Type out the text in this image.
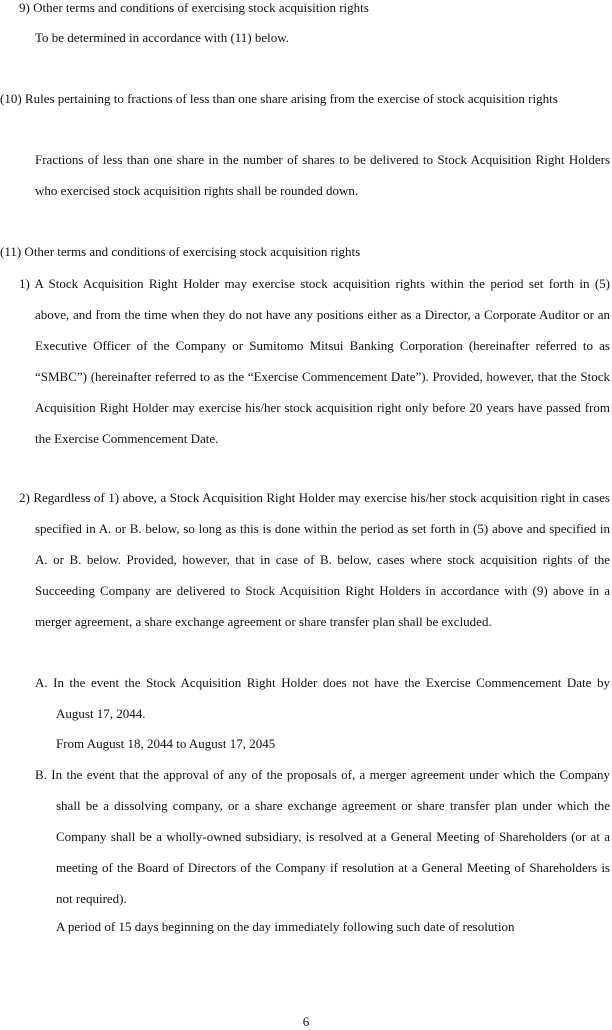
9) Other terms and conditions of exercising stock acquisition rights
To be determined in accordance with (11) below.

(10) Rules pertaining to fractions of less than one share arising from the exercise of stock acquisition rights

Fractions of less than one share in the number of shares to be delivered to Stock Acquisition Right Holders who exercised stock acquisition rights shall be rounded down.

(11) Other terms and conditions of exercising stock acquisition rights

1) A Stock Acquisition Right Holder may exercise stock acquisition rights within the period set forth in (5) above, and from the time when they do not have any positions either as a Director, a Corporate Auditor or an Executive Officer of the Company or Sumitomo Mitsui Banking Corporation (hereinafter referred to as “SMBC”) (hereinafter referred to as the “Exercise Commencement Date”). Provided, however, that the Stock Acquisition Right Holder may exercise his/her stock acquisition right only before 20 years have passed from the Exercise Commencement Date.

2) Regardless of 1) above, a Stock Acquisition Right Holder may exercise his/her stock acquisition right in cases specified in A. or B. below, so long as this is done within the period as set forth in (5) above and specified in A. or B. below. Provided, however, that in case of B. below, cases where stock acquisition rights of the Succeeding Company are delivered to Stock Acquisition Right Holders in accordance with (9) above in a merger agreement, a share exchange agreement or share transfer plan shall be excluded.

A. In the event the Stock Acquisition Right Holder does not have the Exercise Commencement Date by August 17, 2044.

From August 18, 2044 to August 17, 2045

B. In the event that the approval of any of the proposals of, a merger agreement under which the Company shall be a dissolving company, or a share exchange agreement or share transfer plan under which the Company shall be a wholly-owned subsidiary, is resolved at a General Meeting of Shareholders (or at a meeting of the Board of Directors of the Company if resolution at a General Meeting of Shareholders is not required).

A period of 15 days beginning on the day immediately following such date of resolution
6
